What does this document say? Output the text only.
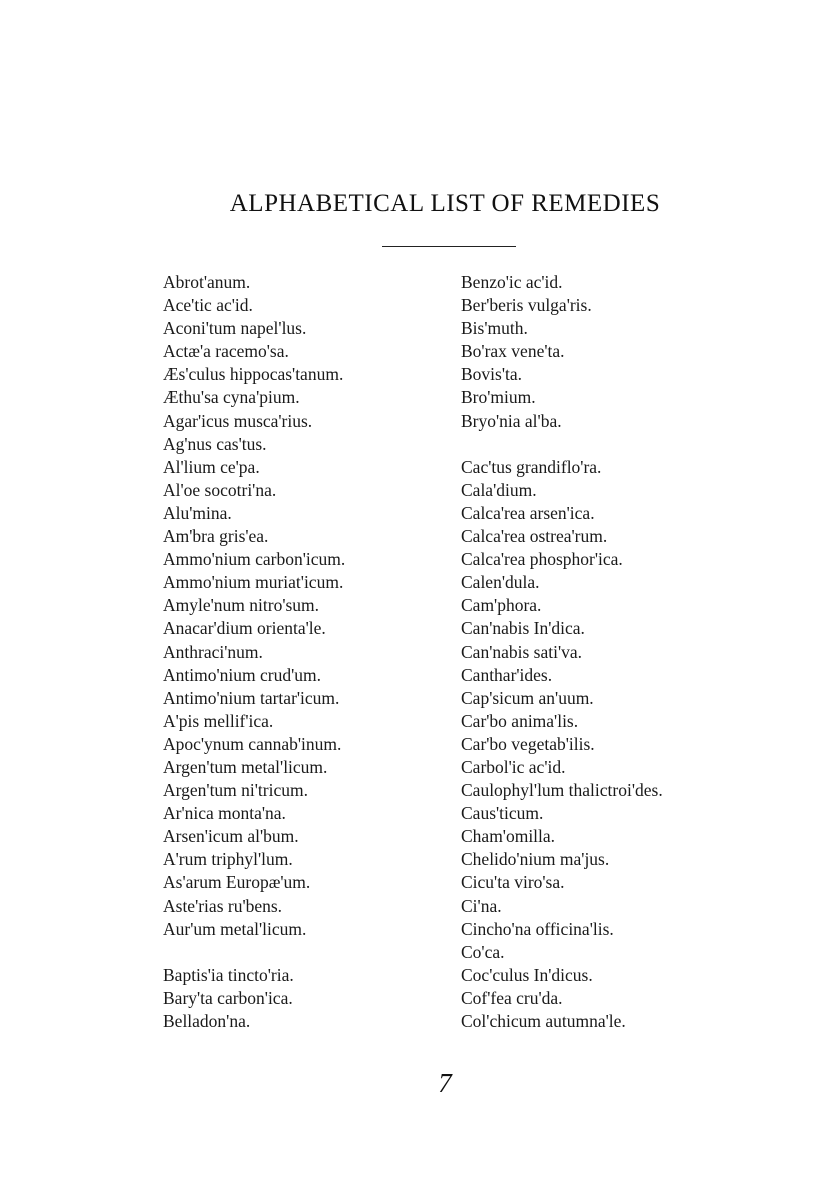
ALPHABETICAL LIST OF REMEDIES
Abrot'anum.
Ace'tic ac'id.
Aconi'tum napel'lus.
Actæ'a racemo'sa.
Æs'culus hippocas'tanum.
Æthu'sa cyna'pium.
Agar'icus musca'rius.
Ag'nus cas'tus.
Al'lium ce'pa.
Al'oe socotri'na.
Alu'mina.
Am'bra gris'ea.
Ammo'nium carbon'icum.
Ammo'nium muriat'icum.
Amyle'num nitro'sum.
Anacar'dium orienta'le.
Anthraci'num.
Antimo'nium crud'um.
Antimo'nium tartar'icum.
A'pis mellif'ica.
Apoc'ynum cannab'inum.
Argen'tum metal'licum.
Argen'tum ni'tricum.
Ar'nica monta'na.
Arsen'icum al'bum.
A'rum triphyl'lum.
As'arum Europæ'um.
Aste'rias ru'bens.
Aur'um metal'licum.
Baptis'ia tincto'ria.
Bary'ta carbon'ica.
Belladon'na.
Benzo'ic ac'id.
Ber'beris vulga'ris.
Bis'muth.
Bo'rax vene'ta.
Bovis'ta.
Bro'mium.
Bryo'nia al'ba.
Cac'tus grandiflo'ra.
Cala'dium.
Calca'rea arsen'ica.
Calca'rea ostrea'rum.
Calca'rea phosphor'ica.
Calen'dula.
Cam'phora.
Can'nabis In'dica.
Can'nabis sati'va.
Canthar'ides.
Cap'sicum an'uum.
Car'bo anima'lis.
Car'bo vegetab'ilis.
Carbol'ic ac'id.
Caulophyl'lum thalictroi'des.
Caus'ticum.
Cham'omilla.
Chelido'nium ma'jus.
Cicu'ta viro'sa.
Ci'na.
Cincho'na officina'lis.
Co'ca.
Coc'culus In'dicus.
Cof'fea cru'da.
Col'chicum autumna'le.
7
